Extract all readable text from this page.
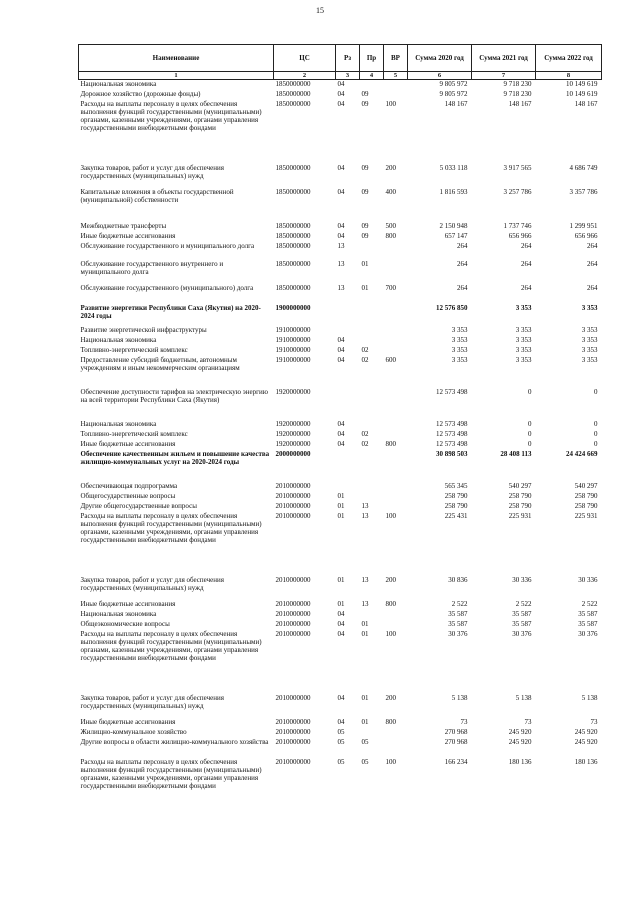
15
Наименование	ЦС	Рз	Пр	ВР	Сумма 2020 год	Сумма 2021 год	Сумма 2022 год
1	2	3	4	5	6	7	8
Национальная экономика	1850000000	04			9 805 972	9 718 230	10 149 619
Дорожное хозяйство (дорожные фонды)	1850000000	04	09		9 805 972	9 718 230	10 149 619
Расходы на выплаты персоналу в целях обеспечения выполнения функций государственными (муниципальными) органами, казенными учреждениями, органами управления государственными внебюджетными фондами	1850000000	04	09	100	148 167	148 167	148 167
Закупка товаров, работ и услуг для обеспечения государственных (муниципальных) нужд	1850000000	04	09	200	5 033 118	3 917 565	4 686 749
Капитальные вложения в объекты государственной (муниципальной) собственности	1850000000	04	09	400	1 816 593	3 257 786	3 357 786
Межбюджетные трансферты	1850000000	04	09	500	2 150 948	1 737 746	1 299 951
Иные бюджетные ассигнования	1850000000	04	09	800	657 147	656 966	656 966
Обслуживание государственного и муниципального долга	1850000000	13			264	264	264
Обслуживание государственного внутреннего и муниципального долга	1850000000	13	01		264	264	264
Обслуживание государственного (муниципального) долга	1850000000	13	01	700	264	264	264
Развитие энергетики Республики Саха (Якутия) на 2020-2024 годы	1900000000				12 576 850	3 353	3 353
Развитие энергетической инфраструктуры	1910000000				3 353	3 353	3 353
Национальная экономика	1910000000	04			3 353	3 353	3 353
Топливно-энергетический комплекс	1910000000	04	02		3 353	3 353	3 353
Предоставление субсидий бюджетным, автономным учреждениям и иным некоммерческим организациям	1910000000	04	02	600	3 353	3 353	3 353
Обеспечение доступности тарифов на электрическую энергию на всей территории Республики Саха (Якутия)	1920000000				12 573 498	0	0
Национальная экономика	1920000000	04			12 573 498	0	0
Топливно-энергетический комплекс	1920000000	04	02		12 573 498	0	0
Иные бюджетные ассигнования	1920000000	04	02	800	12 573 498	0	0
Обеспечение качественным жильем и повышение качества жилищно-коммунальных услуг на 2020-2024 годы	2000000000				30 898 503	28 408 113	24 424 669
Обеспечивающая подпрограмма	2010000000				565 345	540 297	540 297
Общегосударственные вопросы	2010000000	01			258 790	258 790	258 790
Другие общегосударственные вопросы	2010000000	01	13		258 790	258 790	258 790
Расходы на выплаты персоналу в целях обеспечения выполнения функций государственными (муниципальными) органами, казенными учреждениями, органами управления государственными внебюджетными фондами	2010000000	01	13	100	225 431	225 931	225 931
Закупка товаров, работ и услуг для обеспечения государственных (муниципальных) нужд	2010000000	01	13	200	30 836	30 336	30 336
Иные бюджетные ассигнования	2010000000	01	13	800	2 522	2 522	2 522
Национальная экономика	2010000000	04			35 587	35 587	35 587
Общеэкономические вопросы	2010000000	04	01		35 587	35 587	35 587
Расходы на выплаты персоналу в целях обеспечения выполнения функций государственными (муниципальными) органами, казенными учреждениями, органами управления государственными внебюджетными фондами	2010000000	04	01	100	30 376	30 376	30 376
Закупка товаров, работ и услуг для обеспечения государственных (муниципальных) нужд	2010000000	04	01	200	5 138	5 138	5 138
Иные бюджетные ассигнования	2010000000	04	01	800	73	73	73
Жилищно-коммунальное хозяйство	2010000000	05			270 968	245 920	245 920
Другие вопросы в области жилищно-коммунального хозяйства	2010000000	05	05		270 968	245 920	245 920
Расходы на выплаты персоналу в целях обеспечения выполнения функций государственными (муниципальными) органами, казенными учреждениями, органами управления государственными внебюджетными фондами	2010000000	05	05	100	166 234	180 136	180 136
